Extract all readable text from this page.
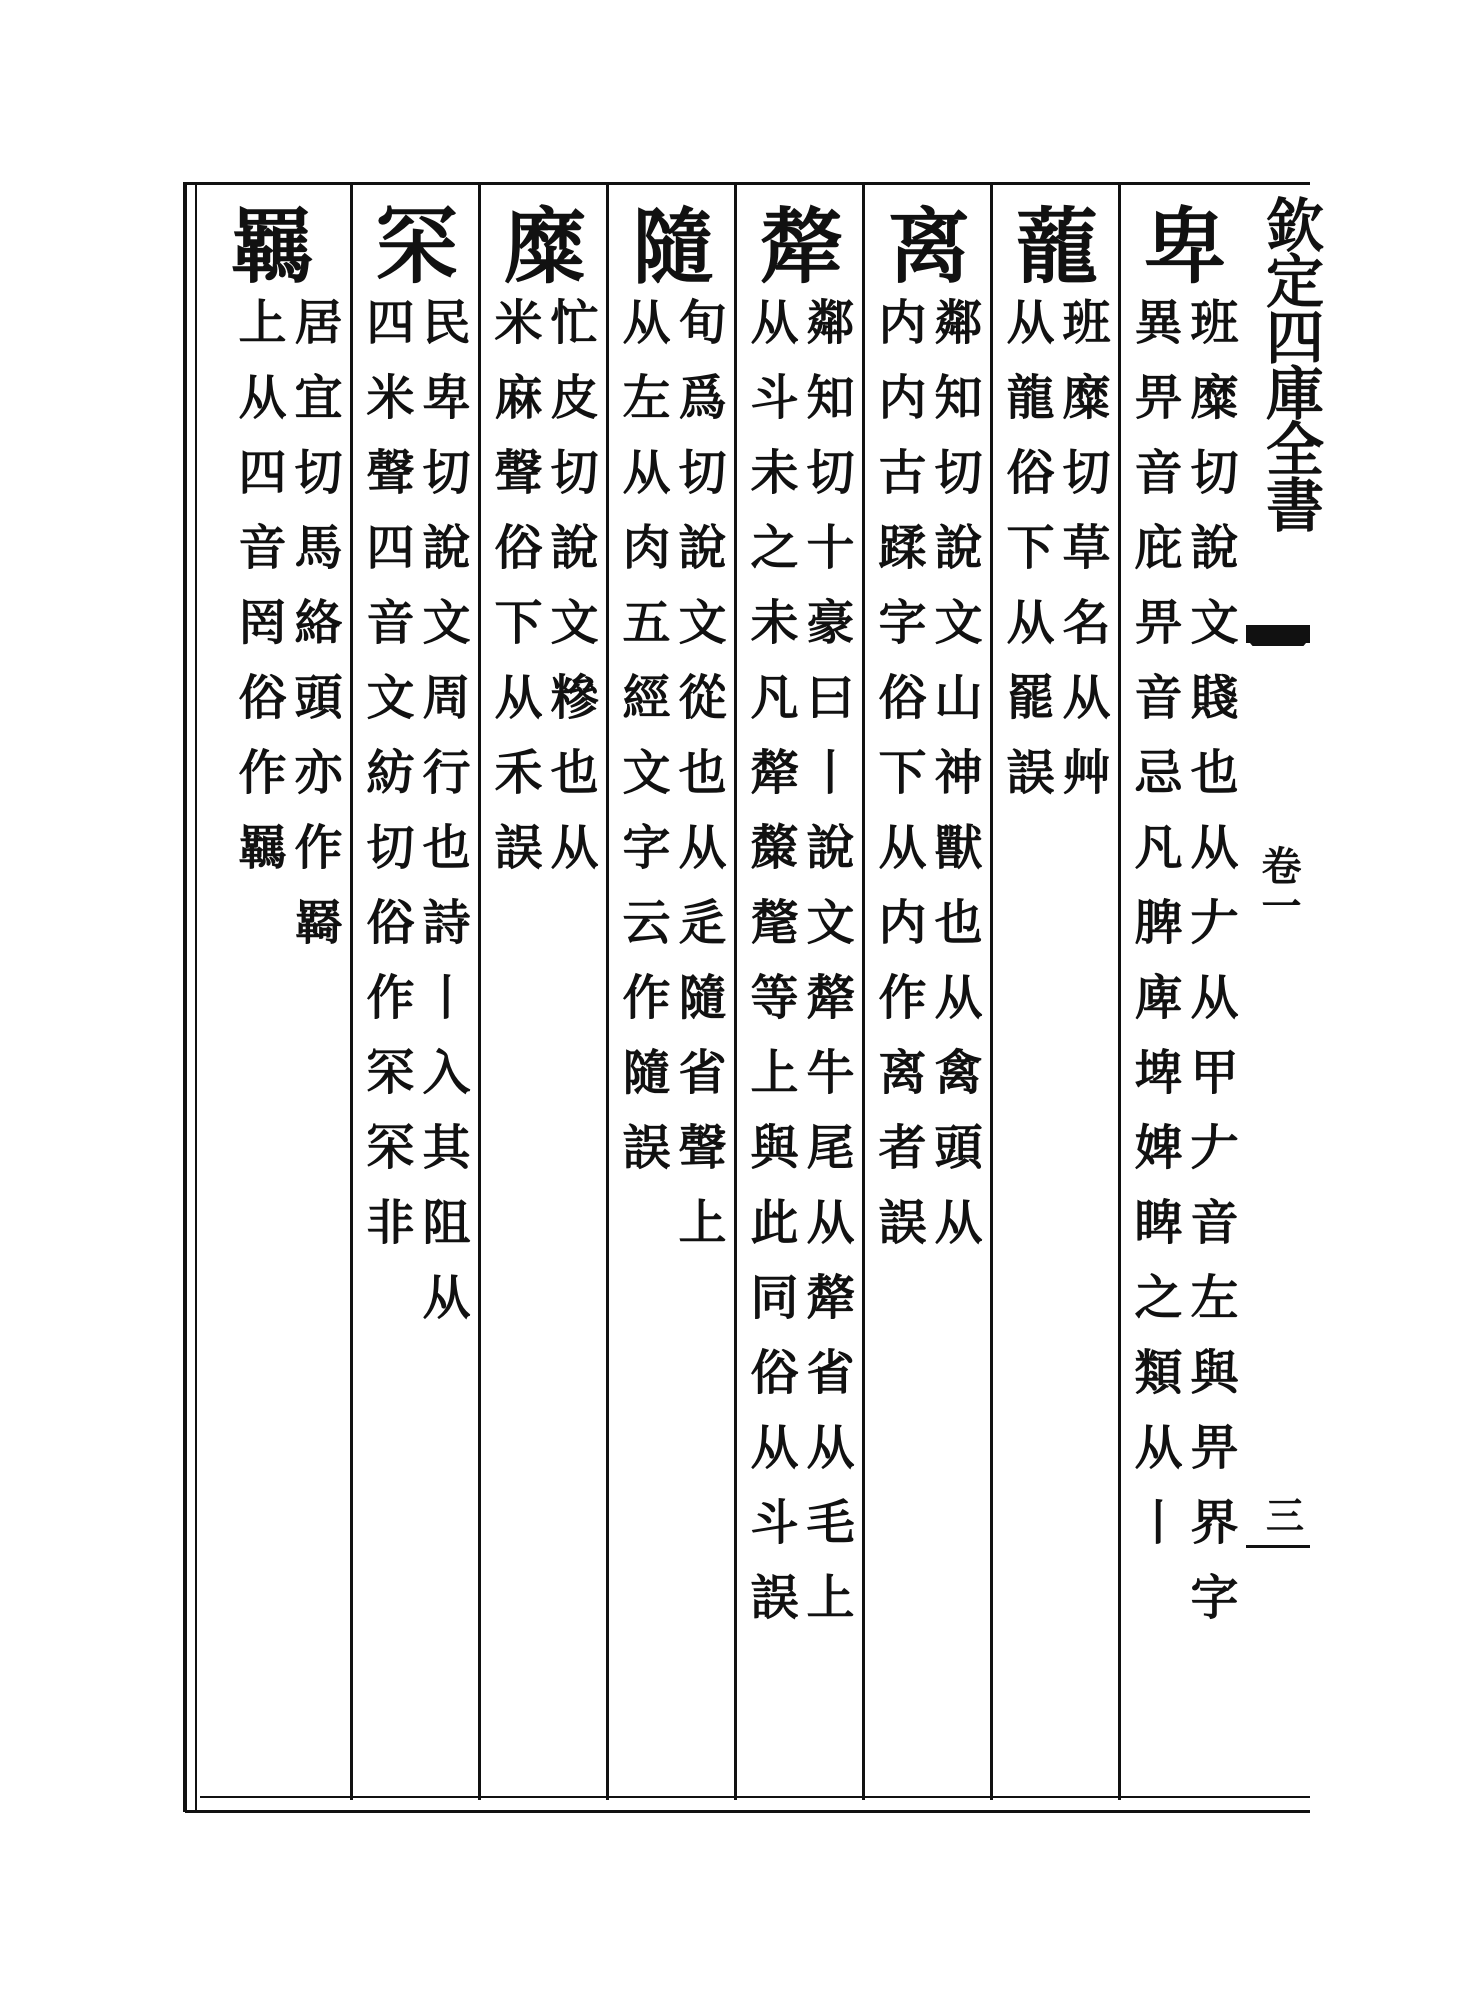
欽定四庫全書
卷一
三
卑
班糜切說文賤也从𠂇从甲𠂇音左與畀界字
異畀音庇畀音忌凡脾庳埤婢睥之類从丨
蘢
班糜切草名从艸
从龍俗下从罷誤
离
鄰知切說文山神獸也从禽頭从
内内古蹂字俗下从内作离者誤
犛
鄰知切十豪曰丨說文犛牛尾从犛省从毛上
从斗未之未凡犛斄氂等上與此同俗从斗誤
隨
旬爲切說文從也从辵隨省聲上
从左从肉五經文字云作隨誤
糜
忙皮切說文糝也从
米麻聲俗下从禾誤
罙
民卑切說文周行也詩丨入其阻从
四米聲四音文紡切俗作罙罙非
羈
居宜切馬絡頭亦作羇
上从四音罔俗作羈
